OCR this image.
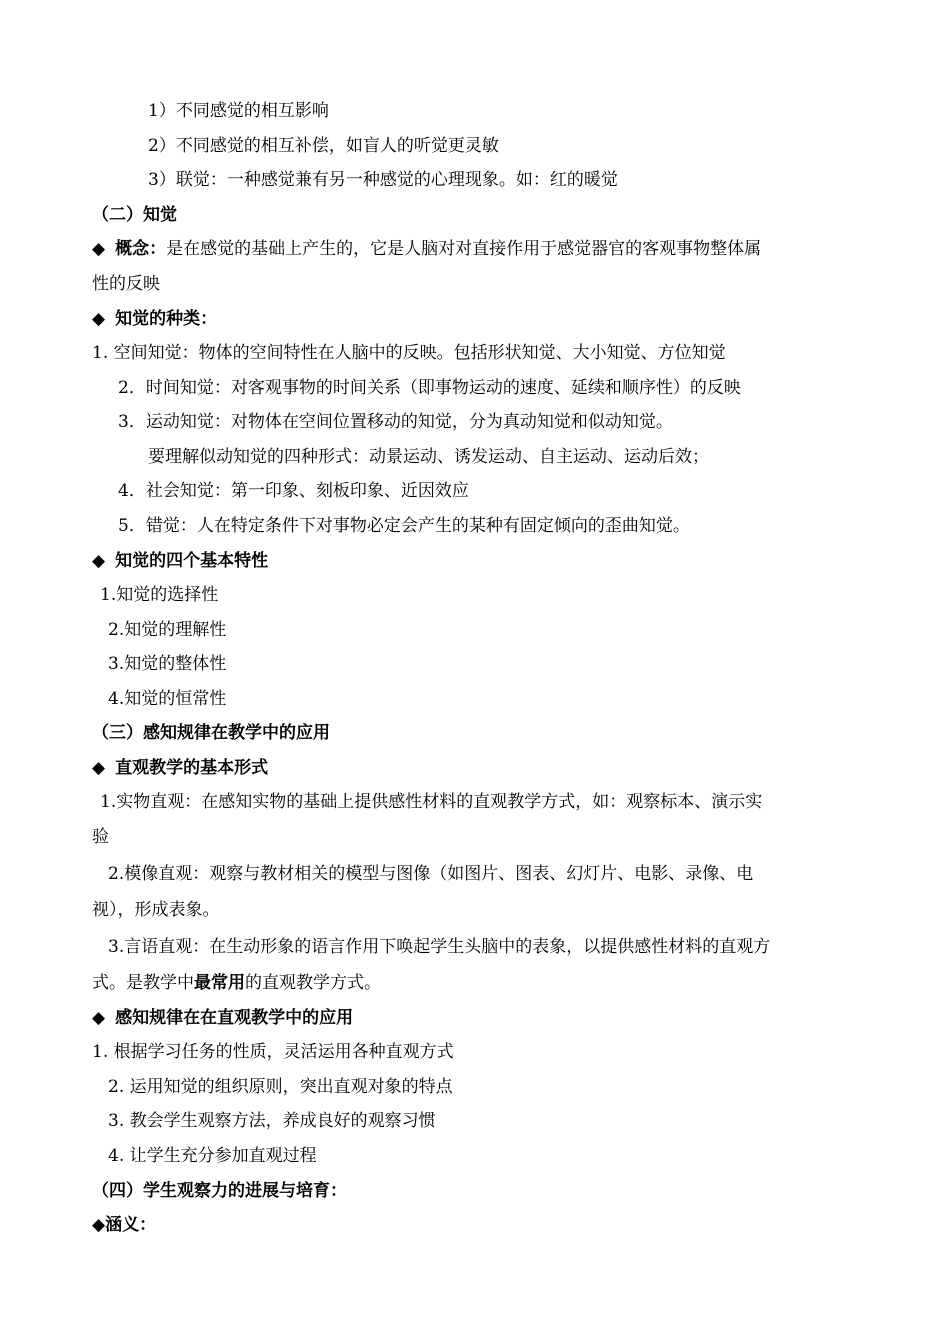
1）不同感觉的相互影响
2）不同感觉的相互补偿，如盲人的听觉更灵敏
3）联觉：一种感觉兼有另一种感觉的心理现象。如：红的暖觉
（二）知觉
◆ 概念：是在感觉的基础上产生的，它是人脑对对直接作用于感觉器官的客观事物整体属
性的反映
◆ 知觉的种类：
1. 空间知觉：物体的空间特性在人脑中的反映。包括形状知觉、大小知觉、方位知觉
2．时间知觉：对客观事物的时间关系（即事物运动的速度、延续和顺序性）的反映
3．运动知觉：对物体在空间位置移动的知觉，分为真动知觉和似动知觉。
要理解似动知觉的四种形式：动景运动、诱发运动、自主运动、运动后效；
4．社会知觉：第一印象、刻板印象、近因效应
5．错觉：人在特定条件下对事物必定会产生的某种有固定倾向的歪曲知觉。
◆ 知觉的四个基本特性
1.知觉的选择性
2.知觉的理解性
3.知觉的整体性
4.知觉的恒常性
（三）感知规律在教学中的应用
◆ 直观教学的基本形式
1.实物直观：在感知实物的基础上提供感性材料的直观教学方式，如：观察标本、演示实
验
2.模像直观：观察与教材相关的模型与图像（如图片、图表、幻灯片、电影、录像、电
视），形成表象。
3.言语直观：在生动形象的语言作用下唤起学生头脑中的表象，以提供感性材料的直观方
式。是教学中最常用的直观教学方式。
◆ 感知规律在在直观教学中的应用
1. 根据学习任务的性质，灵活运用各种直观方式
2. 运用知觉的组织原则，突出直观对象的特点
3. 教会学生观察方法，养成良好的观察习惯
4. 让学生充分参加直观过程
（四）学生观察力的进展与培育：
◆涵义：
